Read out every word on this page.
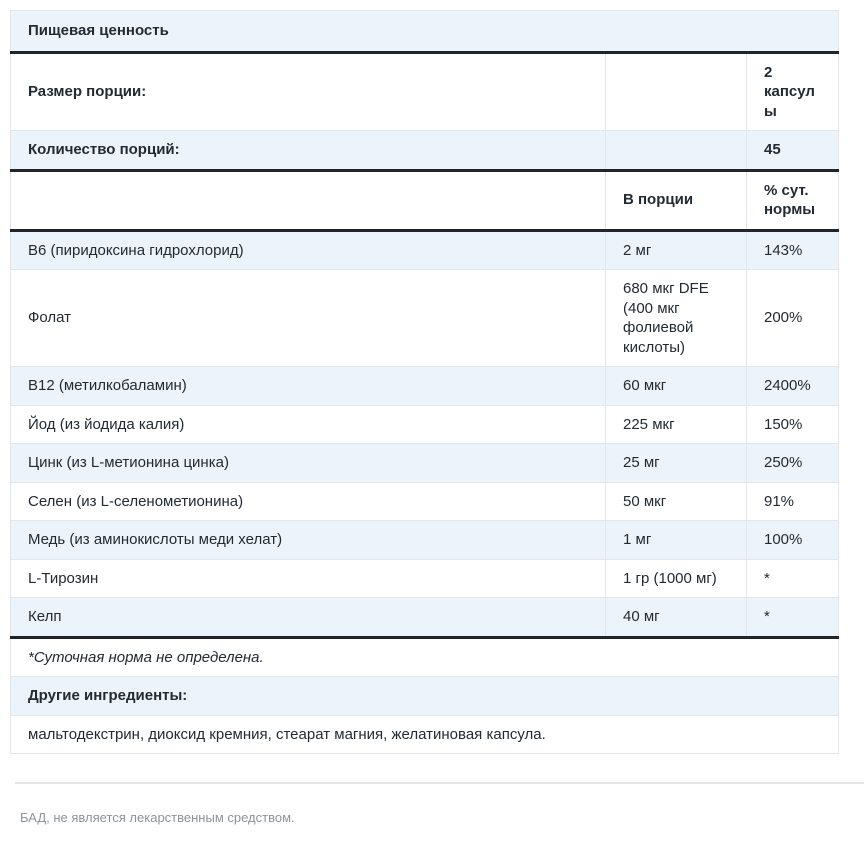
Пищевая ценность		
Размер порции:		2 капсулы
Количество порций:		45
	В порции	% сут. нормы
B6 (пиридоксина гидрохлорид)	2 мг	143%
Фолат	680 мкг DFE (400 мкг фолиевой кислоты)	200%
B12 (метилкобаламин)	60 мкг	2400%
Йод (из йодида калия)	225 мкг	150%
Цинк (из L-метионина цинка)	25 мг	250%
Селен (из L-селенометионина)	50 мкг	91%
Медь (из аминокислоты меди хелат)	1 мг	100%
L-Тирозин	1 гр (1000 мг)	*
Келп	40 мг	*
*Суточная норма не определена.		
Другие ингредиенты:		
мальтодекстрин, диоксид кремния, стеарат магния, желатиновая капсула.		
БАД, не является лекарственным средством.
